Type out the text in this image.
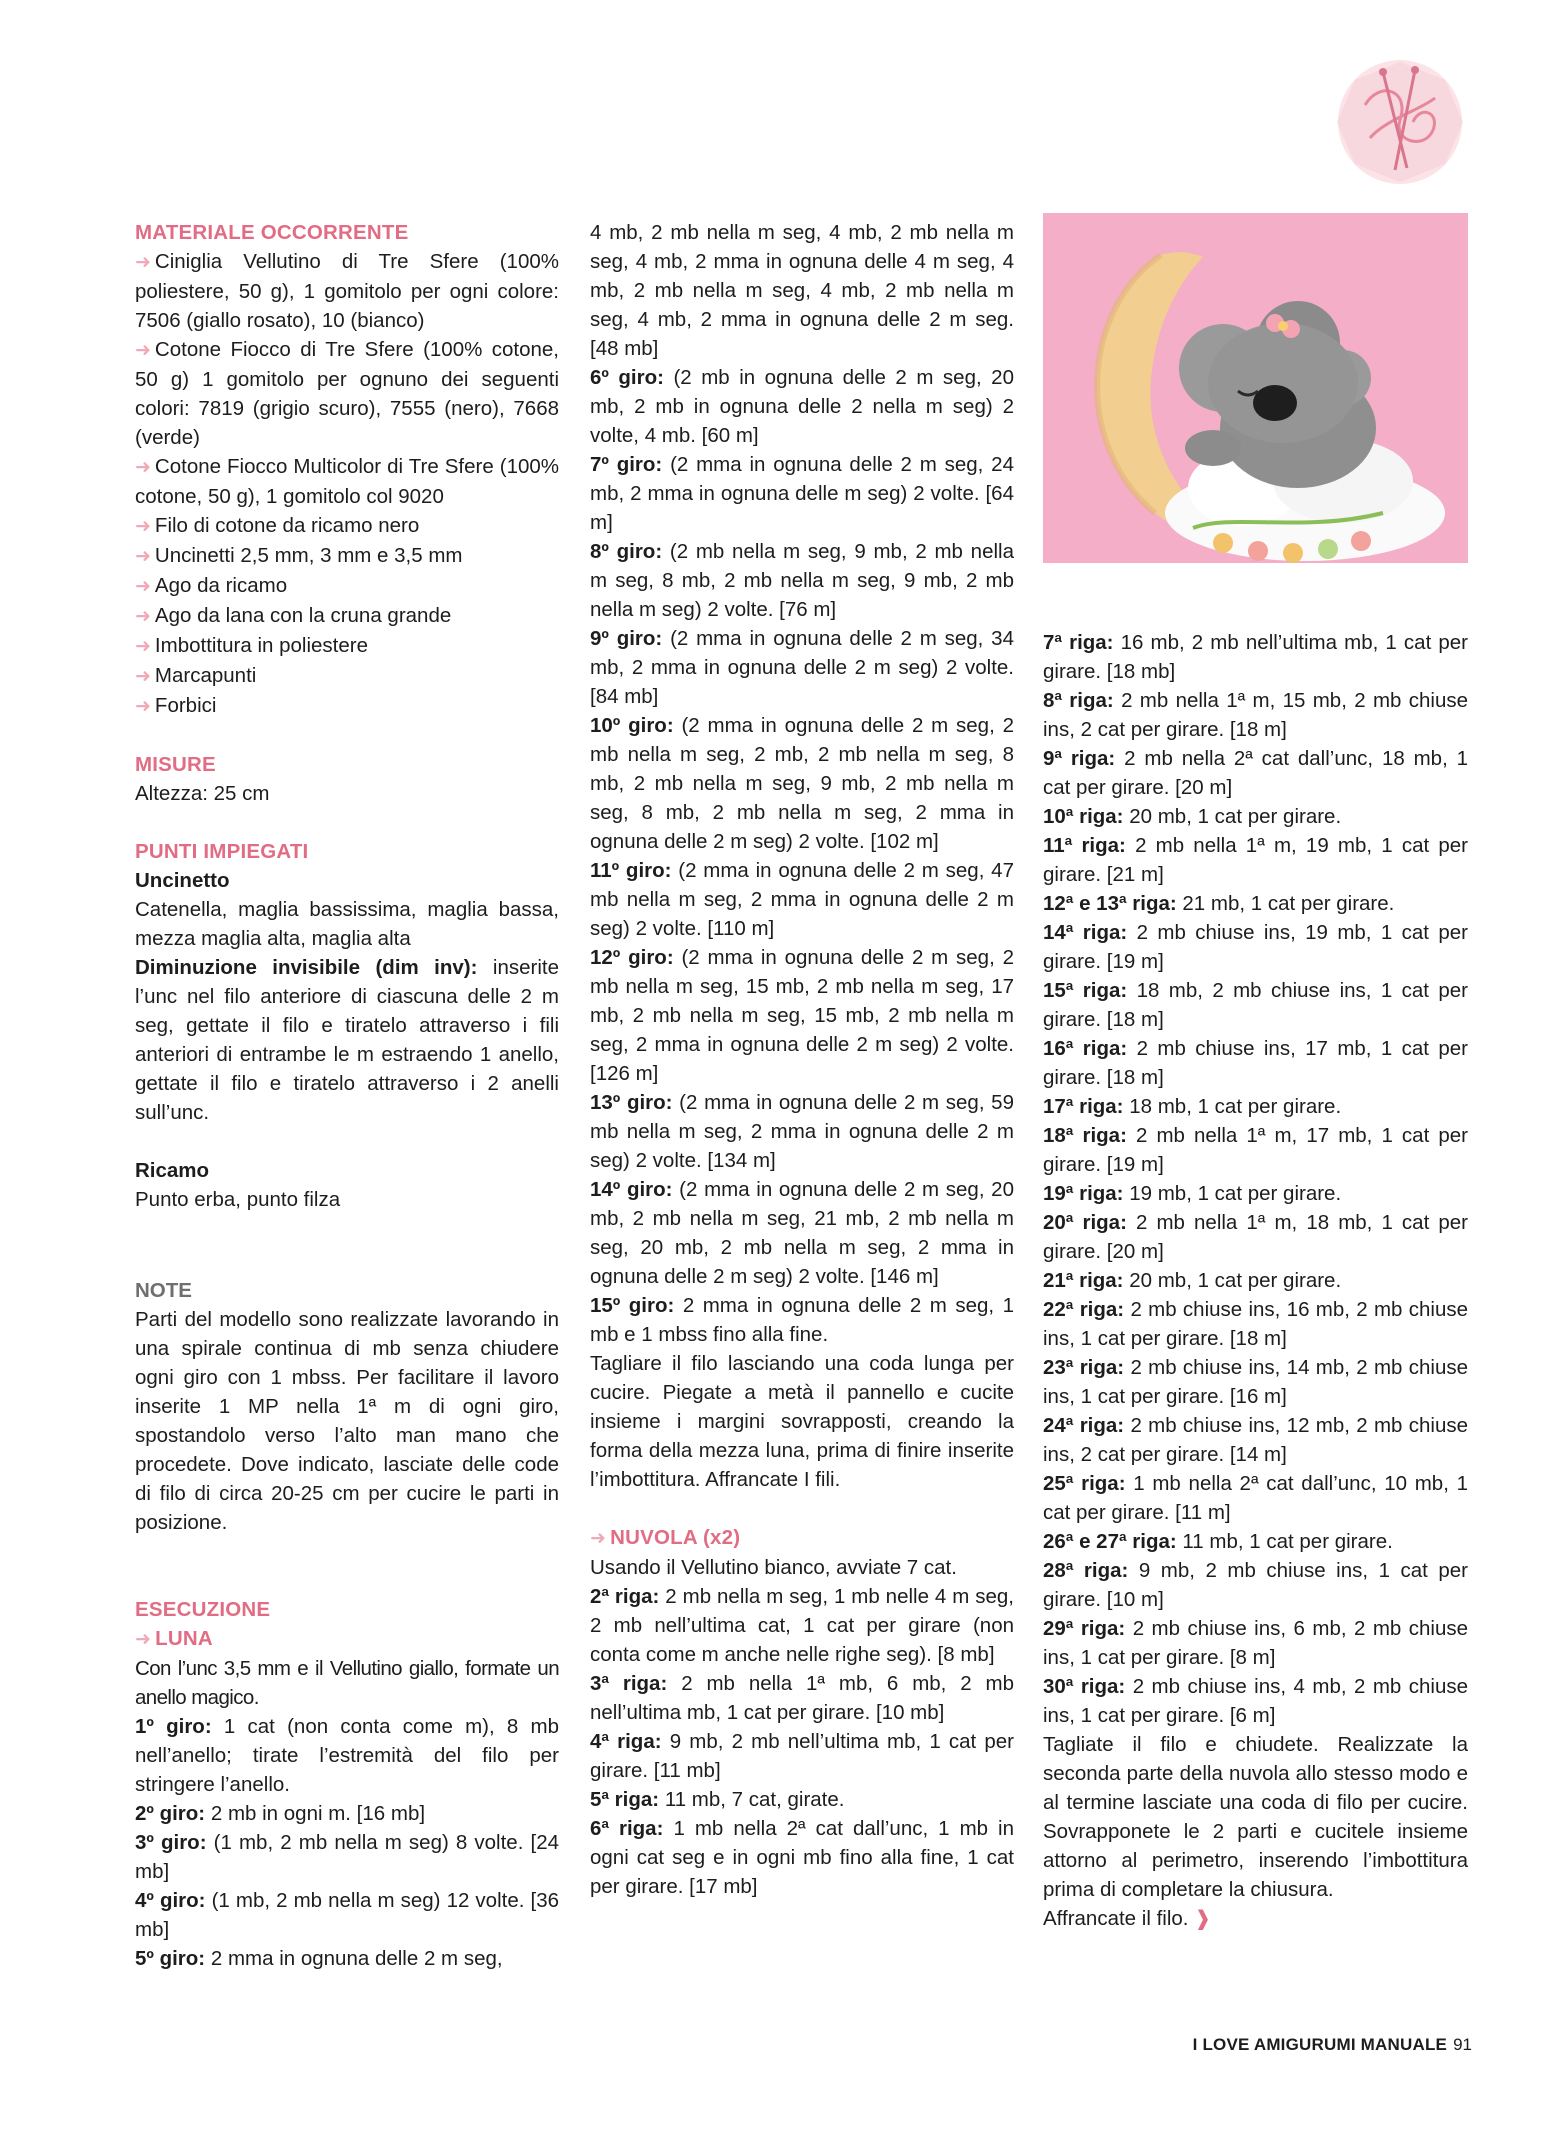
MATERIALE OCCORRENTE
➜ Ciniglia Vellutino di Tre Sfere (100% poliestere, 50 g), 1 gomitolo per ogni colore: 7506 (giallo rosato), 10 (bianco)
➜ Cotone Fiocco di Tre Sfere (100% cotone, 50 g) 1 gomitolo per ognuno dei seguenti colori: 7819 (grigio scuro), 7555 (nero), 7668 (verde)
➜ Cotone Fiocco Multicolor di Tre Sfere (100% cotone, 50 g), 1 gomitolo col 9020
➜ Filo di cotone da ricamo nero
➜ Uncinetti 2,5 mm, 3 mm e 3,5 mm
➜ Ago da ricamo
➜ Ago da lana con la cruna grande
➜ Imbottitura in poliestere
➜ Marcapunti
➜ Forbici
MISURE
Altezza: 25 cm
PUNTI IMPIEGATI
Uncinetto
Catenella, maglia bassissima, maglia bassa, mezza maglia alta, maglia alta
Diminuzione invisibile (dim inv): inserite l’unc nel filo anteriore di ciascuna delle 2 m seg, gettate il filo e tiratelo attraverso i fili anteriori di entrambe le m estraendo 1 anello, gettate il filo e tiratelo attraverso i 2 anelli sull’unc.
Ricamo
Punto erba, punto filza
NOTE
Parti del modello sono realizzate lavorando in una spirale continua di mb senza chiudere ogni giro con 1 mbss. Per facilitare il lavoro inserite 1 MP nella 1ª m di ogni giro, spostandolo verso l’alto man mano che procedete. Dove indicato, lasciate delle code di filo di circa 20-25 cm per cucire le parti in posizione.
ESECUZIONE
➜ LUNA
Con l’unc 3,5 mm e il Vellutino giallo, formate un anello magico.
1º giro: 1 cat (non conta come m), 8 mb nell’anello; tirate l’estremità del filo per stringere l’anello.
2º giro: 2 mb in ogni m. [16 mb]
3º giro: (1 mb, 2 mb nella m seg) 8 volte. [24 mb]
4º giro: (1 mb, 2 mb nella m seg) 12 volte. [36 mb]
5º giro: 2 mma in ognuna delle 2 m seg,
4 mb, 2 mb nella m seg, 4 mb, 2 mb nella m seg, 4 mb, 2 mma in ognuna delle 4 m seg, 4 mb, 2 mb nella m seg, 4 mb, 2 mb nella m seg, 4 mb, 2 mma in ognuna delle 2 m seg. [48 mb]
6º giro: (2 mb in ognuna delle 2 m seg, 20 mb, 2 mb in ognuna delle 2 nella m seg) 2 volte, 4 mb. [60 m]
7º giro: (2 mma in ognuna delle 2 m seg, 24 mb, 2 mma in ognuna delle m seg) 2 volte. [64 m]
8º giro: (2 mb nella m seg, 9 mb, 2 mb nella m seg, 8 mb, 2 mb nella m seg, 9 mb, 2 mb nella m seg) 2 volte. [76 m]
9º giro: (2 mma in ognuna delle 2 m seg, 34 mb, 2 mma in ognuna delle 2 m seg) 2 volte. [84 mb]
10º giro: (2 mma in ognuna delle 2 m seg, 2 mb nella m seg, 2 mb, 2 mb nella m seg, 8 mb, 2 mb nella m seg, 9 mb, 2 mb nella m seg, 8 mb, 2 mb nella m seg, 2 mma in ognuna delle 2 m seg) 2 volte. [102 m]
11º giro: (2 mma in ognuna delle 2 m seg, 47 mb nella m seg, 2 mma in ognuna delle 2 m seg) 2 volte. [110 m]
12º giro: (2 mma in ognuna delle 2 m seg, 2 mb nella m seg, 15 mb, 2 mb nella m seg, 17 mb, 2 mb nella m seg, 15 mb, 2 mb nella m seg, 2 mma in ognuna delle 2 m seg) 2 volte. [126 m]
13º giro: (2 mma in ognuna delle 2 m seg, 59 mb nella m seg, 2 mma in ognuna delle 2 m seg) 2 volte. [134 m]
14º giro: (2 mma in ognuna delle 2 m seg, 20 mb, 2 mb nella m seg, 21 mb, 2 mb nella m seg, 20 mb, 2 mb nella m seg, 2 mma in ognuna delle 2 m seg) 2 volte. [146 m]
15º giro: 2 mma in ognuna delle 2 m seg, 1 mb e 1 mbss fino alla fine.
Tagliare il filo lasciando una coda lunga per cucire. Piegate a metà il pannello e cucite insieme i margini sovrapposti, creando la forma della mezza luna, prima di finire inserite l’imbottitura. Affrancate I fili.
➜ NUVOLA (x2)
Usando il Vellutino bianco, avviate 7 cat.
2ª riga: 2 mb nella m seg, 1 mb nelle 4 m seg, 2 mb nell’ultima cat, 1 cat per girare (non conta come m anche nelle righe seg). [8 mb]
3ª riga: 2 mb nella 1ª mb, 6 mb, 2 mb nell’ultima mb, 1 cat per girare. [10 mb]
4ª riga: 9 mb, 2 mb nell’ultima mb, 1 cat per girare. [11 mb]
5ª riga: 11 mb, 7 cat, girate.
6ª riga: 1 mb nella 2ª cat dall’unc, 1 mb in ogni cat seg e in ogni mb fino alla fine, 1 cat per girare. [17 mb]
7ª riga: 16 mb, 2 mb nell’ultima mb, 1 cat per girare. [18 mb]
8ª riga: 2 mb nella 1ª m, 15 mb, 2 mb chiuse ins, 2 cat per girare. [18 m]
9ª riga: 2 mb nella 2ª cat dall’unc, 18 mb, 1 cat per girare. [20 m]
10ª riga: 20 mb, 1 cat per girare.
11ª riga: 2 mb nella 1ª m, 19 mb, 1 cat per girare. [21 m]
12ª e 13ª riga: 21 mb, 1 cat per girare.
14ª riga: 2 mb chiuse ins, 19 mb, 1 cat per girare. [19 m]
15ª riga: 18 mb, 2 mb chiuse ins, 1 cat per girare. [18 m]
16ª riga: 2 mb chiuse ins, 17 mb, 1 cat per girare. [18 m]
17ª riga: 18 mb, 1 cat per girare.
18ª riga: 2 mb nella 1ª m, 17 mb, 1 cat per girare. [19 m]
19ª riga: 19 mb, 1 cat per girare.
20ª riga: 2 mb nella 1ª m, 18 mb, 1 cat per girare. [20 m]
21ª riga: 20 mb, 1 cat per girare.
22ª riga: 2 mb chiuse ins, 16 mb, 2 mb chiuse ins, 1 cat per girare. [18 m]
23ª riga: 2 mb chiuse ins, 14 mb, 2 mb chiuse ins, 1 cat per girare. [16 m]
24ª riga: 2 mb chiuse ins, 12 mb, 2 mb chiuse ins, 2 cat per girare. [14 m]
25ª riga: 1 mb nella 2ª cat dall’unc, 10 mb, 1 cat per girare. [11 m]
26ª e 27ª riga: 11 mb, 1 cat per girare.
28ª riga: 9 mb, 2 mb chiuse ins, 1 cat per girare. [10 m]
29ª riga: 2 mb chiuse ins, 6 mb, 2 mb chiuse ins, 1 cat per girare. [8 m]
30ª riga: 2 mb chiuse ins, 4 mb, 2 mb chiuse ins, 1 cat per girare. [6 m]
Tagliate il filo e chiudete. Realizzate la seconda parte della nuvola allo stesso modo e al termine lasciate una coda di filo per cucire. Sovrapponete le 2 parti e cucitele insieme attorno al perimetro, inserendo l’imbottitura prima di completare la chiusura.
Affrancate il filo. ❱
I LOVE AMIGURUMI MANUALE 91
